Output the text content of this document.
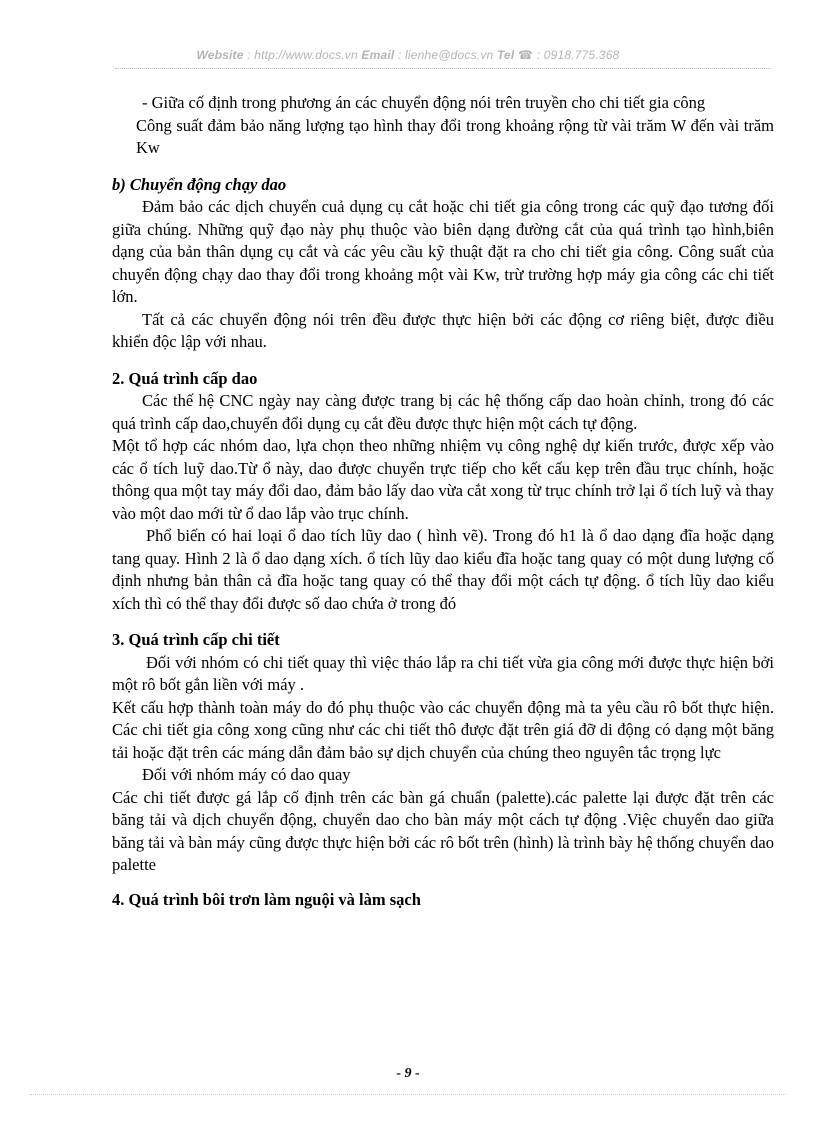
Website : http://www.docs.vn Email : lienhe@docs.vn Tel ☎ : 0918.775.368

- Giữa cố định trong phương án các chuyển động nói trên truyền cho chi tiết gia công

Công suất đảm bảo năng lượng tạo hình thay đổi trong khoảng rộng từ vài trăm W đến vài trăm Kw

b) Chuyển động chạy dao

Đảm bảo các dịch chuyển cuả dụng cụ cắt hoặc chi tiết gia công trong các quỹ đạo tương đối giữa chúng. Những quỹ đạo này phụ thuộc vào biên dạng đường cắt của quá trình tạo hình,biên dạng của bản thân dụng cụ cắt và các yêu cầu kỹ thuật đặt ra cho chi tiết gia công. Công suất của chuyển động chạy dao thay đổi trong khoảng một vài Kw, trừ trường hợp máy gia công các chi tiết lớn.

Tất cả các chuyển động nói trên đều được thực hiện bởi các động cơ riêng biệt, được điều khiển độc lập với nhau.

2. Quá trình cấp dao

Các thế hệ CNC ngày nay càng được trang bị các hệ thống cấp dao hoàn chỉnh, trong đó các quá trình cấp dao,chuyển đổi dụng cụ cắt đều được thực hiện một cách tự động.

Một tổ hợp các nhóm dao, lựa chọn theo những nhiệm vụ công nghệ dự kiến trước, được xếp vào các ổ tích luỹ dao.Từ ổ này, dao được chuyển trực tiếp cho kết cấu kẹp trên đầu trục chính, hoặc thông qua một tay máy đổi dao, đảm bảo lấy dao vừa cắt xong từ trục chính trở lại ổ tích luỹ và thay vào một dao mới từ ổ dao lắp vào trục chính.

Phổ biến có hai loại ổ dao tích lũy dao ( hình vẽ). Trong đó h1 là ổ dao dạng đĩa hoặc dạng tang quay. Hình 2 là ổ dao dạng xích. ổ tích lũy dao kiểu đĩa hoặc tang quay có một dung lượng cố định nhưng bản thân cả đĩa hoặc tang quay có thể thay đổi một cách tự động. ổ tích lũy dao kiểu xích thì có thể thay đổi được số dao chứa ở trong đó

3. Quá trình cấp chi tiết

Đối với nhóm có chi tiết quay thì việc tháo lắp ra chi tiết vừa gia công mới được thực hiện bởi một rô bốt gắn liền với máy .

Kết cấu hợp thành toàn máy do đó phụ thuộc vào các chuyển động mà ta yêu cầu rô bốt thực hiện. Các chi tiết gia công xong cũng như các chi tiết thô được đặt trên giá đỡ di động có dạng một băng tải hoặc đặt trên các máng dẫn đảm bảo sự dịch chuyển của chúng theo nguyên tắc trọng lực

Đối với nhóm máy có dao quay

Các chi tiết được gá lắp cố định trên các bàn gá chuẩn (palette).các palette lại được đặt trên các băng tải và dịch chuyển động, chuyển dao cho bàn máy một cách tự động .Việc chuyển dao giữa băng tải và bàn máy cũng được thực hiện bởi các rô bốt trên (hình) là trình bày hệ thống chuyển dao palette

4. Quá trình bôi trơn làm nguội và làm sạch

- 9 -
